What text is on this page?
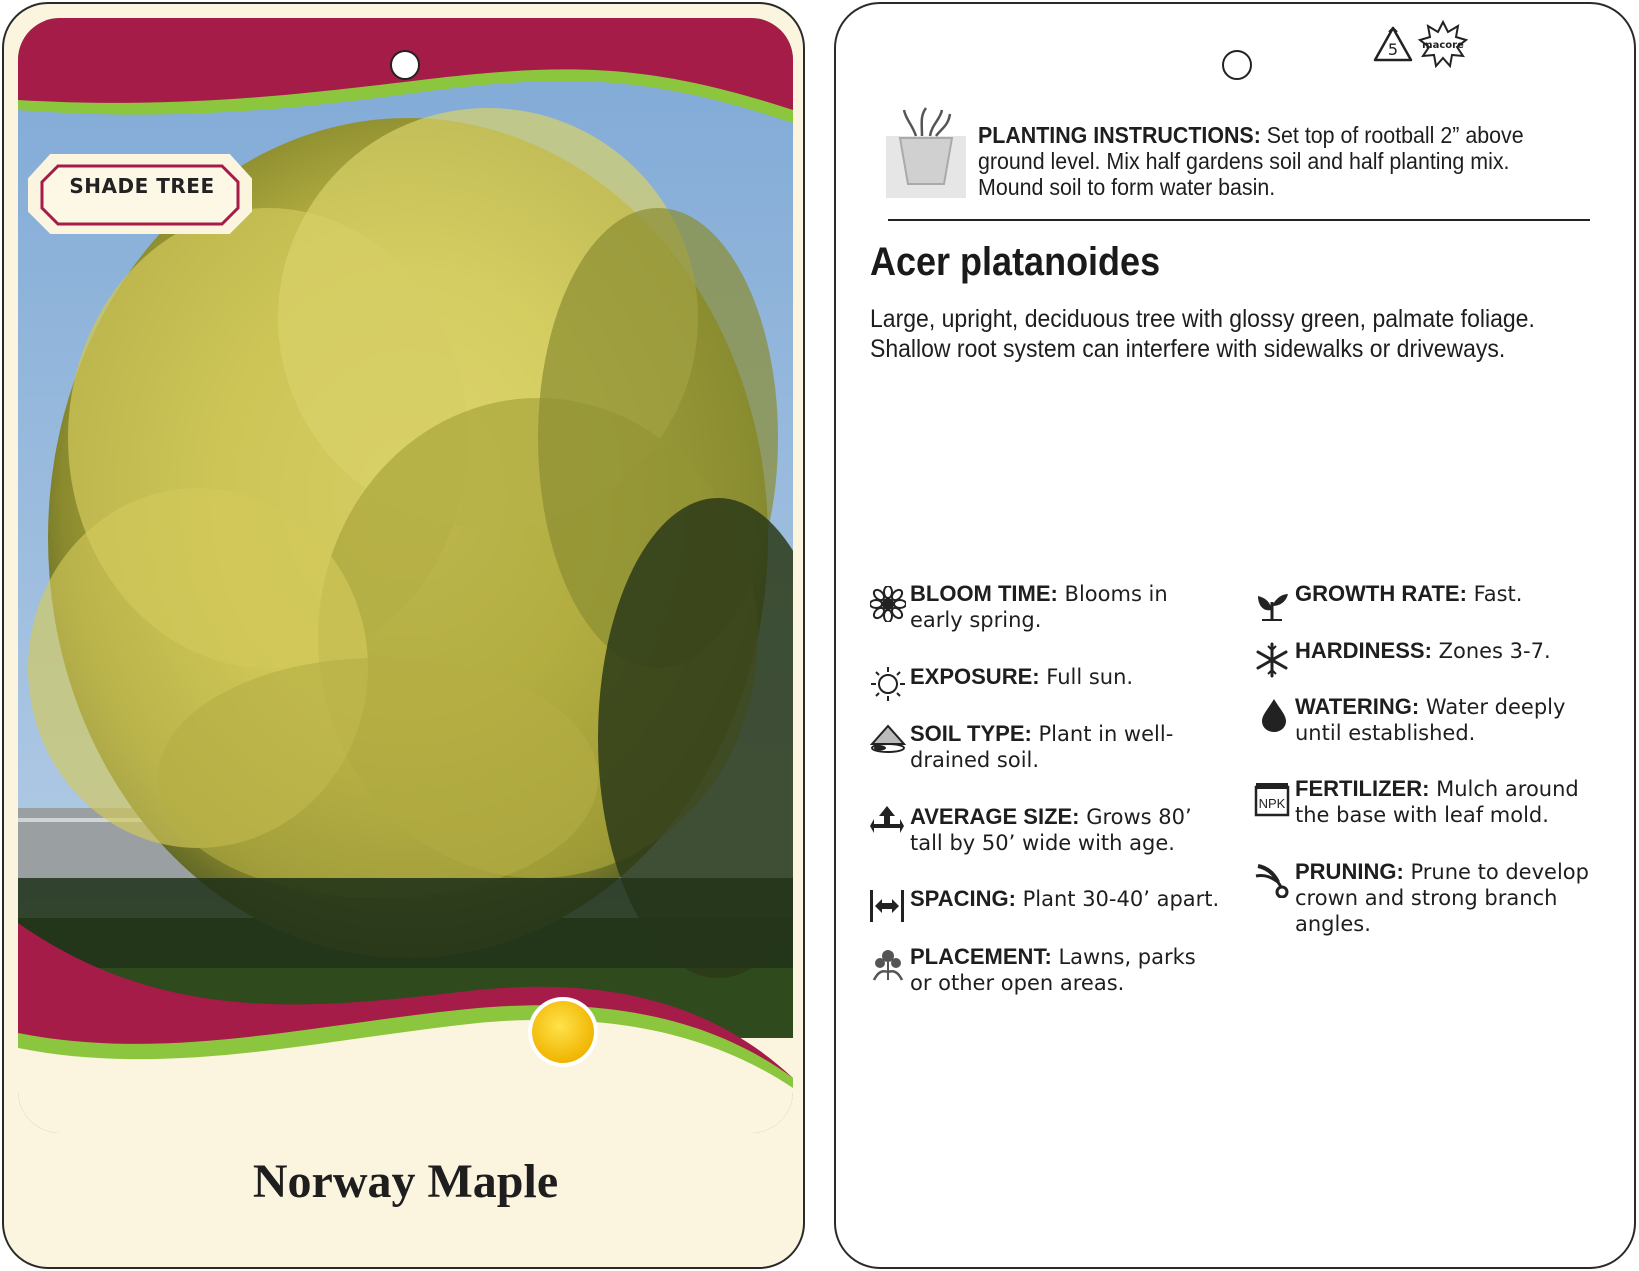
SHADE TREE
Norway Maple
5 macore
PLANTING INSTRUCTIONS: Set top of rootball 2” above ground level. Mix half gardens soil and half planting mix. Mound soil to form water basin.
Acer platanoides
Large, upright, deciduous tree with glossy green, palmate foliage. Shallow root system can interfere with sidewalks or driveways.
BLOOM TIME: Blooms in early spring.
EXPOSURE: Full sun.
SOIL TYPE: Plant in well-drained soil.
AVERAGE SIZE: Grows 80’ tall by 50’ wide with age.
SPACING: Plant 30-40’ apart.
PLACEMENT: Lawns, parks or other open areas.
GROWTH RATE: Fast.
HARDINESS: Zones 3-7.
WATERING: Water deeply until established.
NPK
FERTILIZER: Mulch around the base with leaf mold.
PRUNING: Prune to develop crown and strong branch angles.
